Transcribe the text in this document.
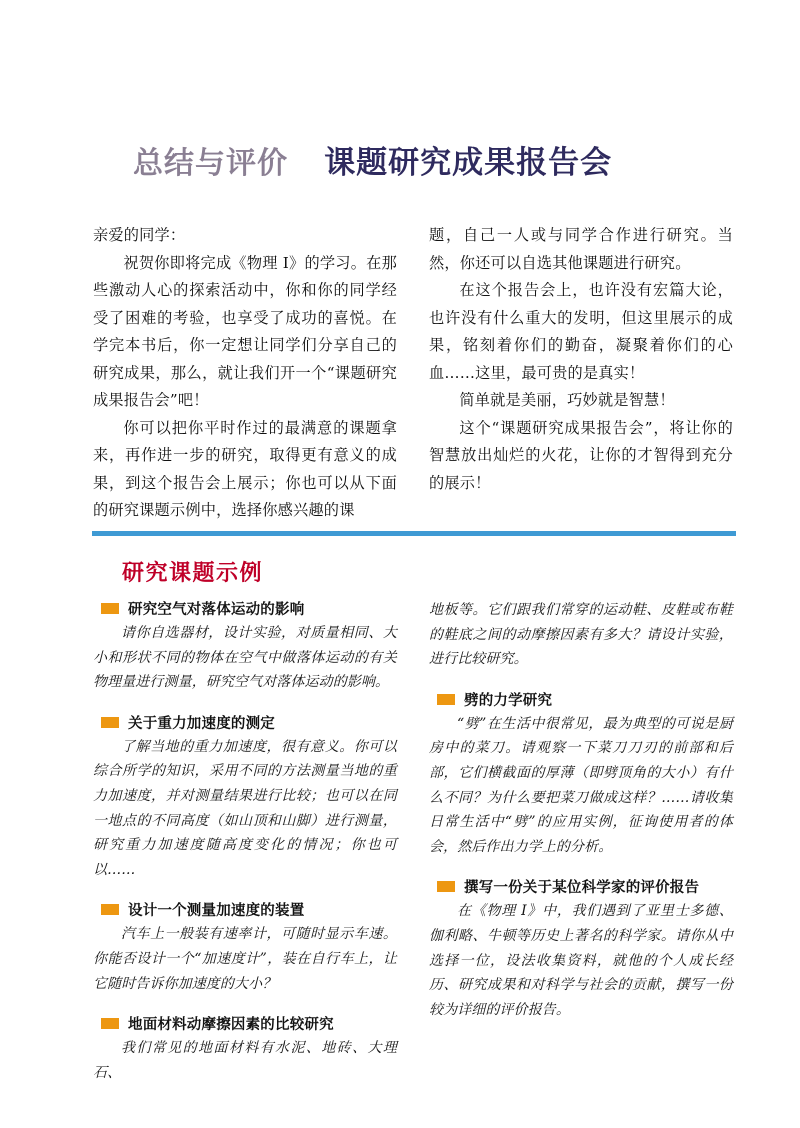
总结与评价 课题研究成果报告会

亲爱的同学：

祝贺你即将完成《物理 I》的学习。在那些激动人心的探索活动中，你和你的同学经受了困难的考验，也享受了成功的喜悦。在学完本书后，你一定想让同学们分享自己的研究成果，那么，就让我们开一个“课题研究成果报告会”吧！

你可以把你平时作过的最满意的课题拿来，再作进一步的研究，取得更有意义的成果，到这个报告会上展示；你也可以从下面的研究课题示例中，选择你感兴趣的课

题，自己一人或与同学合作进行研究。当然，你还可以自选其他课题进行研究。

在这个报告会上，也许没有宏篇大论，也许没有什么重大的发明，但这里展示的成果，铭刻着你们的勤奋，凝聚着你们的心血……这里，最可贵的是真实！

简单就是美丽，巧妙就是智慧！

这个“课题研究成果报告会”，将让你的智慧放出灿烂的火花，让你的才智得到充分的展示！

研究课题示例
研究空气对落体运动的影响

请你自选器材，设计实验，对质量相同、大小和形状不同的物体在空气中做落体运动的有关物理量进行测量，研究空气对落体运动的影响。

关于重力加速度的测定

了解当地的重力加速度，很有意义。你可以综合所学的知识，采用不同的方法测量当地的重力加速度，并对测量结果进行比较；也可以在同一地点的不同高度（如山顶和山脚）进行测量，研究重力加速度随高度变化的情况；你也可以……

设计一个测量加速度的装置

汽车上一般装有速率计，可随时显示车速。你能否设计一个“加速度计”，装在自行车上，让它随时告诉你加速度的大小？

地面材料动摩擦因素的比较研究

我们常见的地面材料有水泥、地砖、大理石、

地板等。它们跟我们常穿的运动鞋、皮鞋或布鞋的鞋底之间的动摩擦因素有多大？请设计实验，进行比较研究。

劈的力学研究

“劈”在生活中很常见，最为典型的可说是厨房中的菜刀。请观察一下菜刀刀刃的前部和后部，它们横截面的厚薄（即劈顶角的大小）有什么不同？为什么要把菜刀做成这样？……请收集日常生活中“劈”的应用实例，征询使用者的体会，然后作出力学上的分析。

撰写一份关于某位科学家的评价报告

在《物理 I》中，我们遇到了亚里士多德、伽利略、牛顿等历史上著名的科学家。请你从中选择一位，设法收集资料，就他的个人成长经历、研究成果和对科学与社会的贡献，撰写一份较为详细的评价报告。
